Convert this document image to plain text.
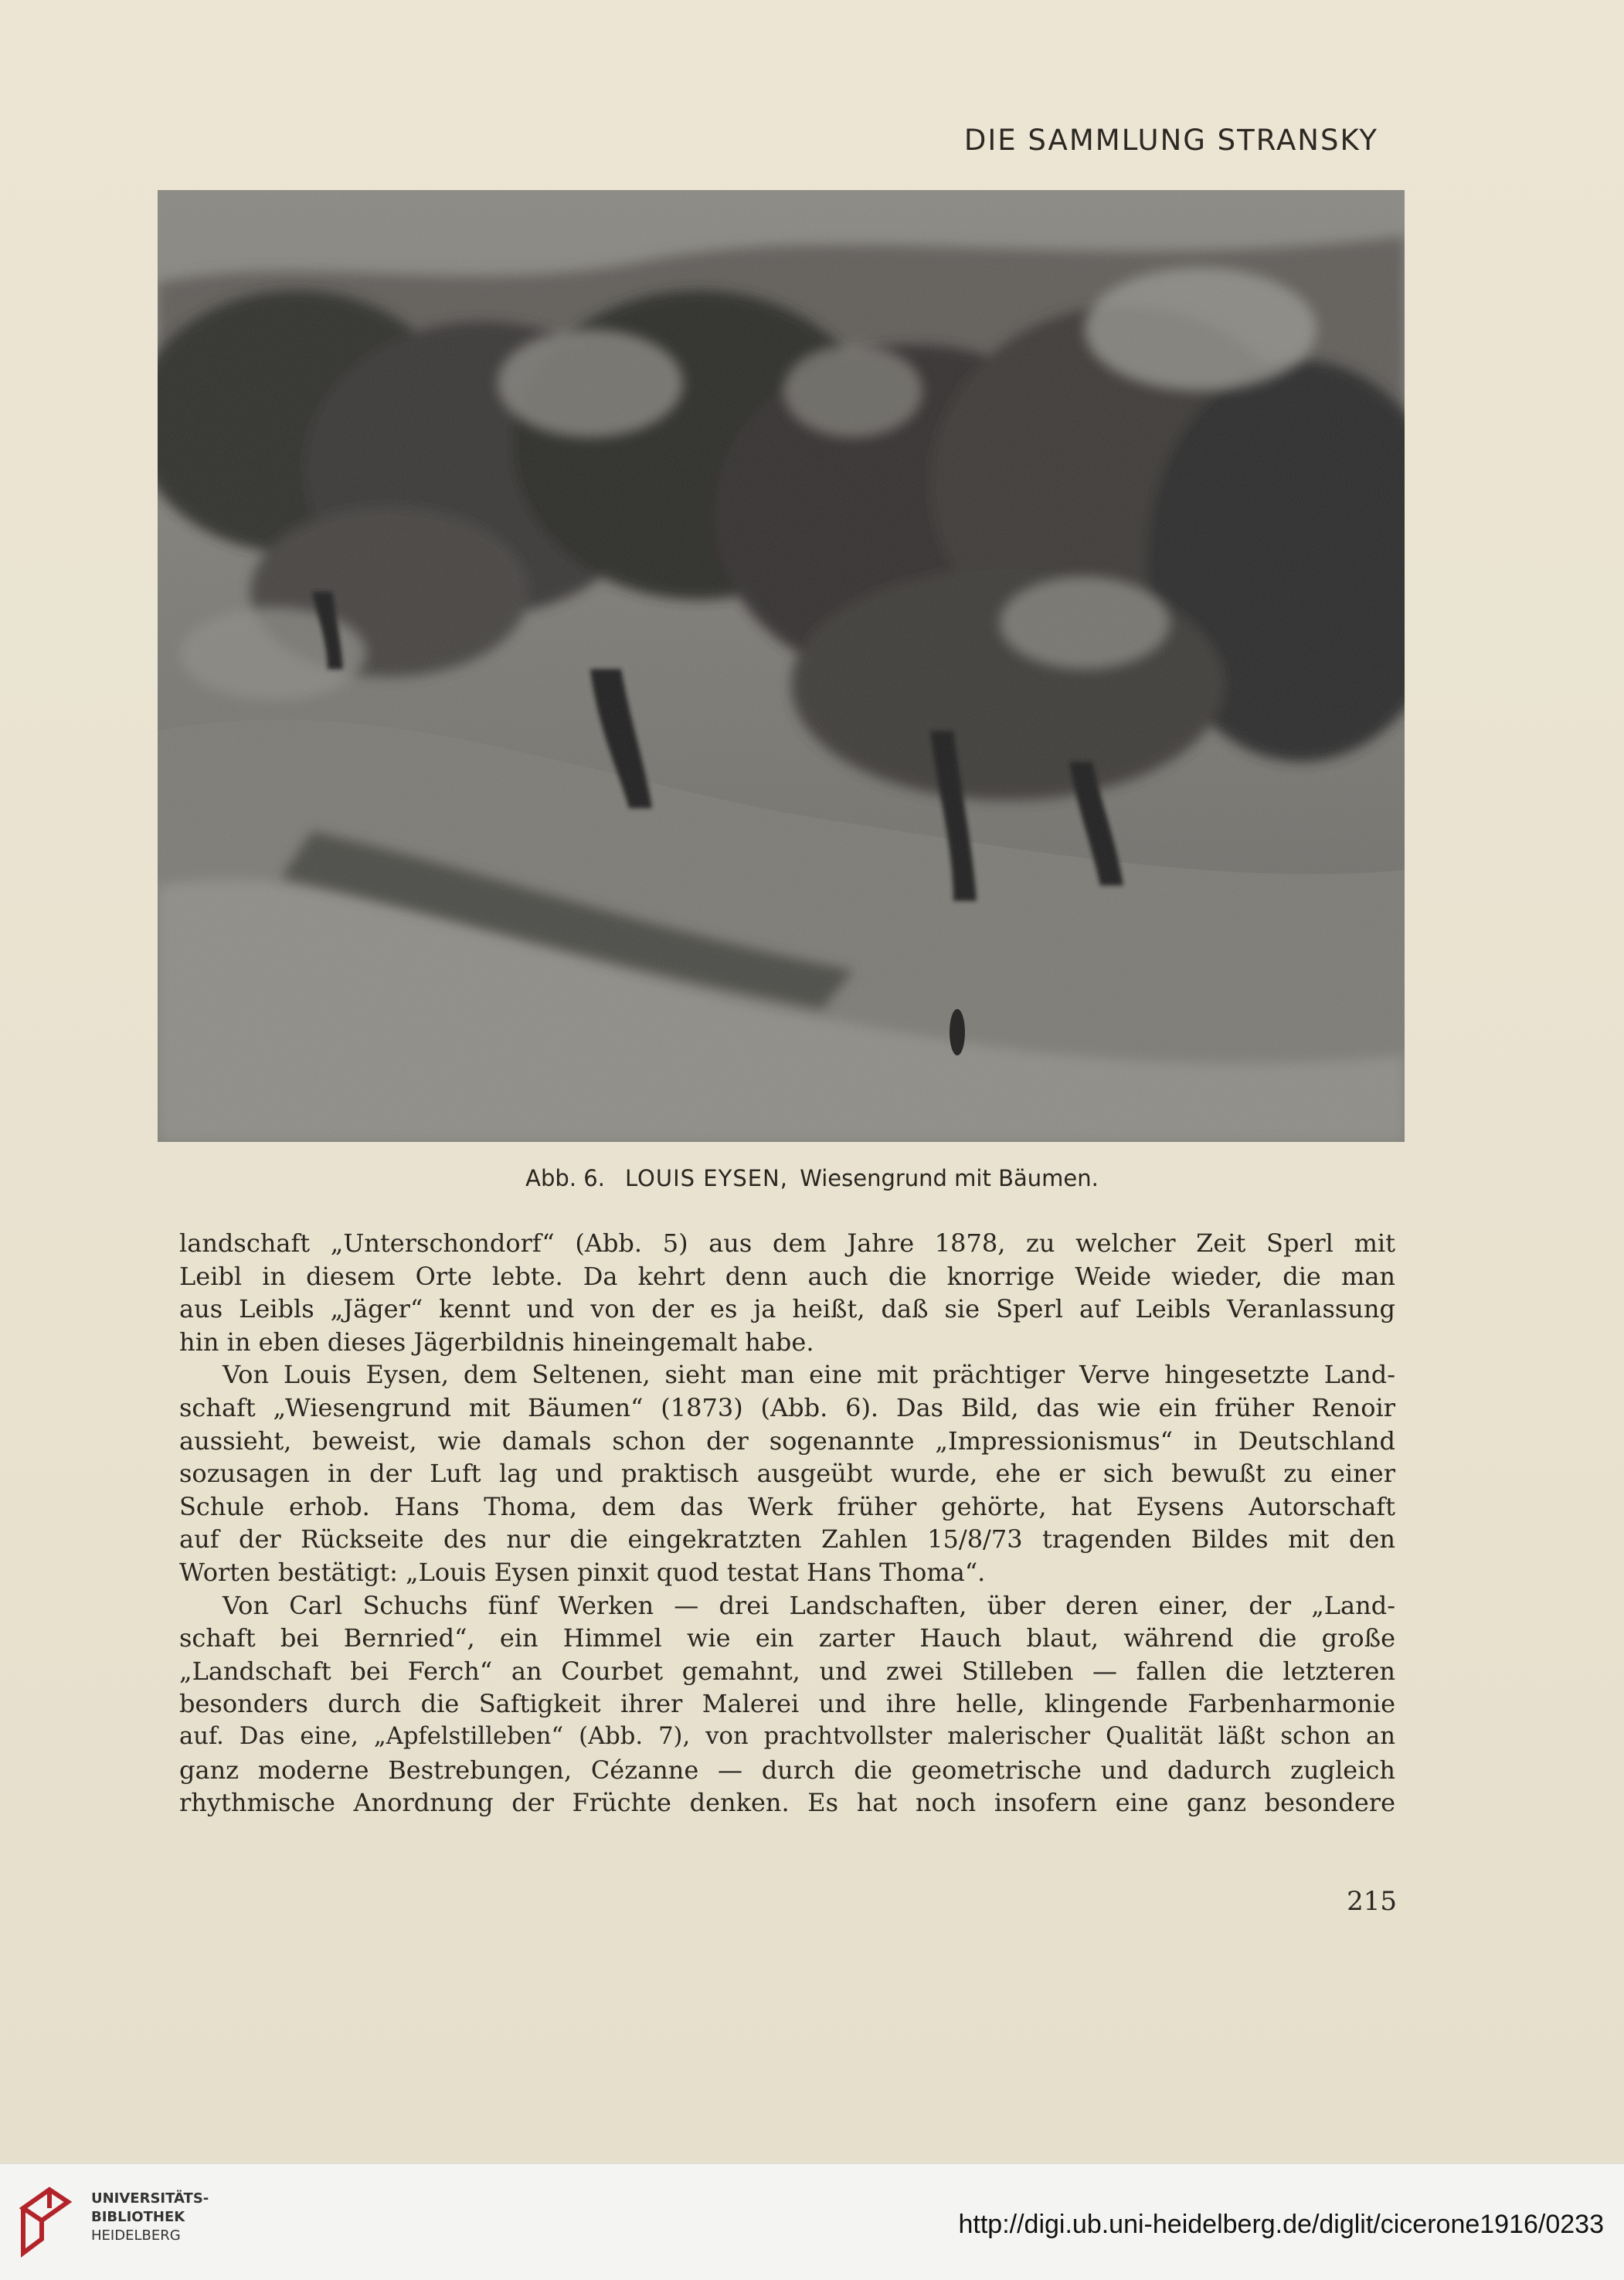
DIE SAMMLUNG STRANSKY
Abb. 6. LOUIS EYSEN, Wiesengrund mit Bäumen.
landschaft „Unterschondorf“ (Abb. 5) aus dem Jahre 1878, zu welcher Zeit Sperl mit
Leibl in diesem Orte lebte. Da kehrt denn auch die knorrige Weide wieder, die man
aus Leibls „Jäger“ kennt und von der es ja heißt, daß sie Sperl auf Leibls Veranlassung
hin in eben dieses Jägerbildnis hineingemalt habe.
Von Louis Eysen, dem Seltenen, sieht man eine mit prächtiger Verve hingesetzte Land-
schaft „Wiesengrund mit Bäumen“ (1873) (Abb. 6). Das Bild, das wie ein früher Renoir
aussieht, beweist, wie damals schon der sogenannte „Impressionismus“ in Deutschland
sozusagen in der Luft lag und praktisch ausgeübt wurde, ehe er sich bewußt zu einer
Schule erhob. Hans Thoma, dem das Werk früher gehörte, hat Eysens Autorschaft
auf der Rückseite des nur die eingekratzten Zahlen 15/8/73 tragenden Bildes mit den
Worten bestätigt: „Louis Eysen pinxit quod testat Hans Thoma“.
Von Carl Schuchs fünf Werken — drei Landschaften, über deren einer, der „Land-
schaft bei Bernried“, ein Himmel wie ein zarter Hauch blaut, während die große
„Landschaft bei Ferch“ an Courbet gemahnt, und zwei Stilleben — fallen die letzteren
besonders durch die Saftigkeit ihrer Malerei und ihre helle, klingende Farbenharmonie
auf. Das eine, „Apfelstilleben“ (Abb. 7), von prachtvollster malerischer Qualität läßt schon an
ganz moderne Bestrebungen, Cézanne — durch die geometrische und dadurch zugleich
rhythmische Anordnung der Früchte denken. Es hat noch insofern eine ganz besondere
215
UNIVERSITÄTS-
BIBLIOTHEK
HEIDELBERG	http://digi.ub.uni-heidelberg.de/diglit/cicerone1916/0233
